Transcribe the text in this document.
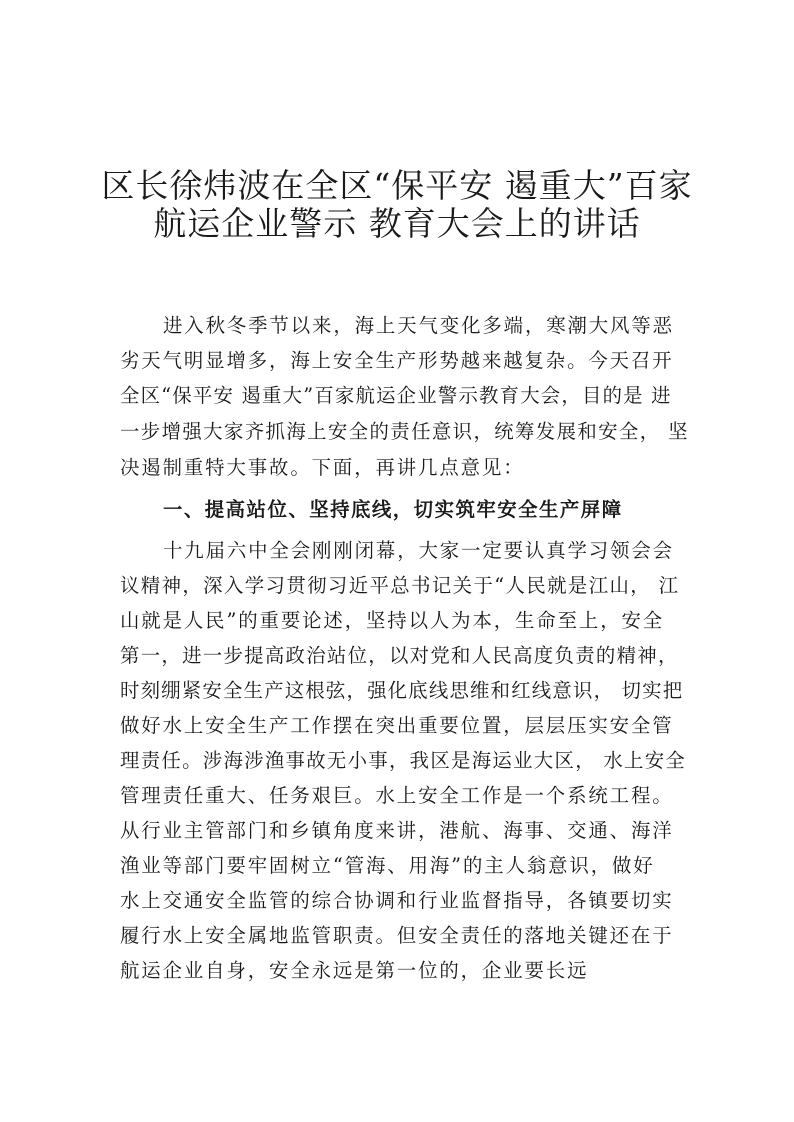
区长徐炜波在全区“保平安 遏重大”百家
航运企业警示 教育大会上的讲话
进入秋冬季节以来，海上天气变化多端，寒潮大风等恶
劣天气明显增多，海上安全生产形势越来越复杂。今天召开
全区“保平安 遏重大”百家航运企业警示教育大会，目的是 进
一步增强大家齐抓海上安全的责任意识，统筹发展和安全， 坚
决遏制重特大事故。下面，再讲几点意见：
一、提高站位、坚持底线，切实筑牢安全生产屏障
十九届六中全会刚刚闭幕，大家一定要认真学习领会会
议精神，深入学习贯彻习近平总书记关于“人民就是江山， 江
山就是人民”的重要论述，坚持以人为本，生命至上，安全
第一，进一步提高政治站位，以对党和人民高度负责的精神，
时刻绷紧安全生产这根弦，强化底线思维和红线意识， 切实把
做好水上安全生产工作摆在突出重要位置，层层压实安全管
理责任。涉海涉渔事故无小事，我区是海运业大区， 水上安全
管理责任重大、任务艰巨。水上安全工作是一个系统工程。
从行业主管部门和乡镇角度来讲，港航、海事、交通、海洋
渔业等部门要牢固树立“管海、用海”的主人翁意识，做好
水上交通安全监管的综合协调和行业监督指导，各镇要切实
履行水上安全属地监管职责。但安全责任的落地关键还在于
航运企业自身，安全永远是第一位的，企业要长远
